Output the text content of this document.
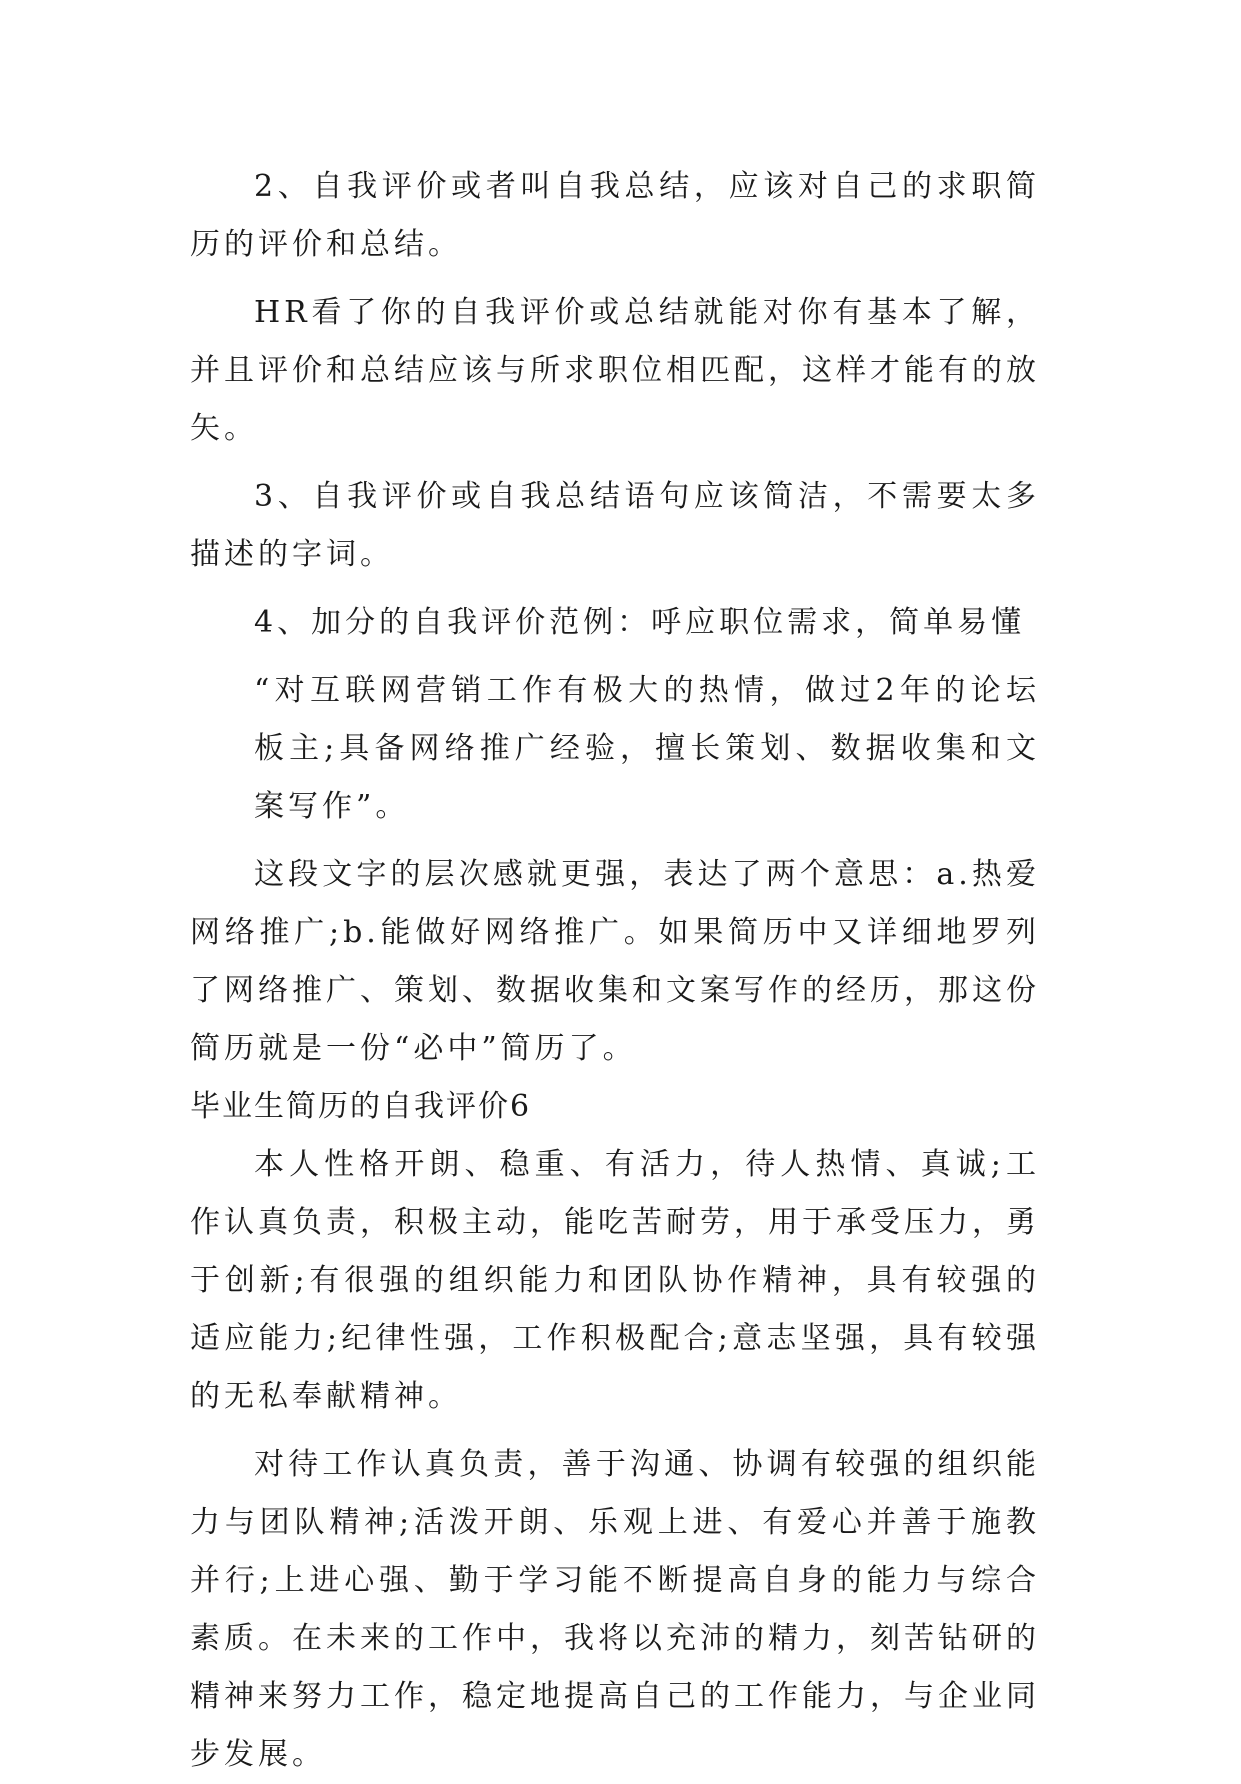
2、自我评价或者叫自我总结，应该对自己的求职简历的评价和总结。

HR看了你的自我评价或总结就能对你有基本了解，并且评价和总结应该与所求职位相匹配，这样才能有的放矢。

3、自我评价或自我总结语句应该简洁，不需要太多描述的字词。

4、加分的自我评价范例：呼应职位需求，简单易懂

“对互联网营销工作有极大的热情，做过2年的论坛板主;具备网络推广经验，擅长策划、数据收集和文案写作”。

这段文字的层次感就更强，表达了两个意思：a.热爱网络推广;b.能做好网络推广。如果简历中又详细地罗列了网络推广、策划、数据收集和文案写作的经历，那这份简历就是一份“必中”简历了。

毕业生简历的自我评价6

本人性格开朗、稳重、有活力，待人热情、真诚;工作认真负责，积极主动，能吃苦耐劳，用于承受压力，勇于创新;有很强的组织能力和团队协作精神，具有较强的适应能力;纪律性强，工作积极配合;意志坚强，具有较强的无私奉献精神。

对待工作认真负责，善于沟通、协调有较强的组织能力与团队精神;活泼开朗、乐观上进、有爱心并善于施教并行;上进心强、勤于学习能不断提高自身的能力与综合素质。在未来的工作中，我将以充沛的精力，刻苦钻研的精神来努力工作，稳定地提高自己的工作能力，与企业同步发展。
